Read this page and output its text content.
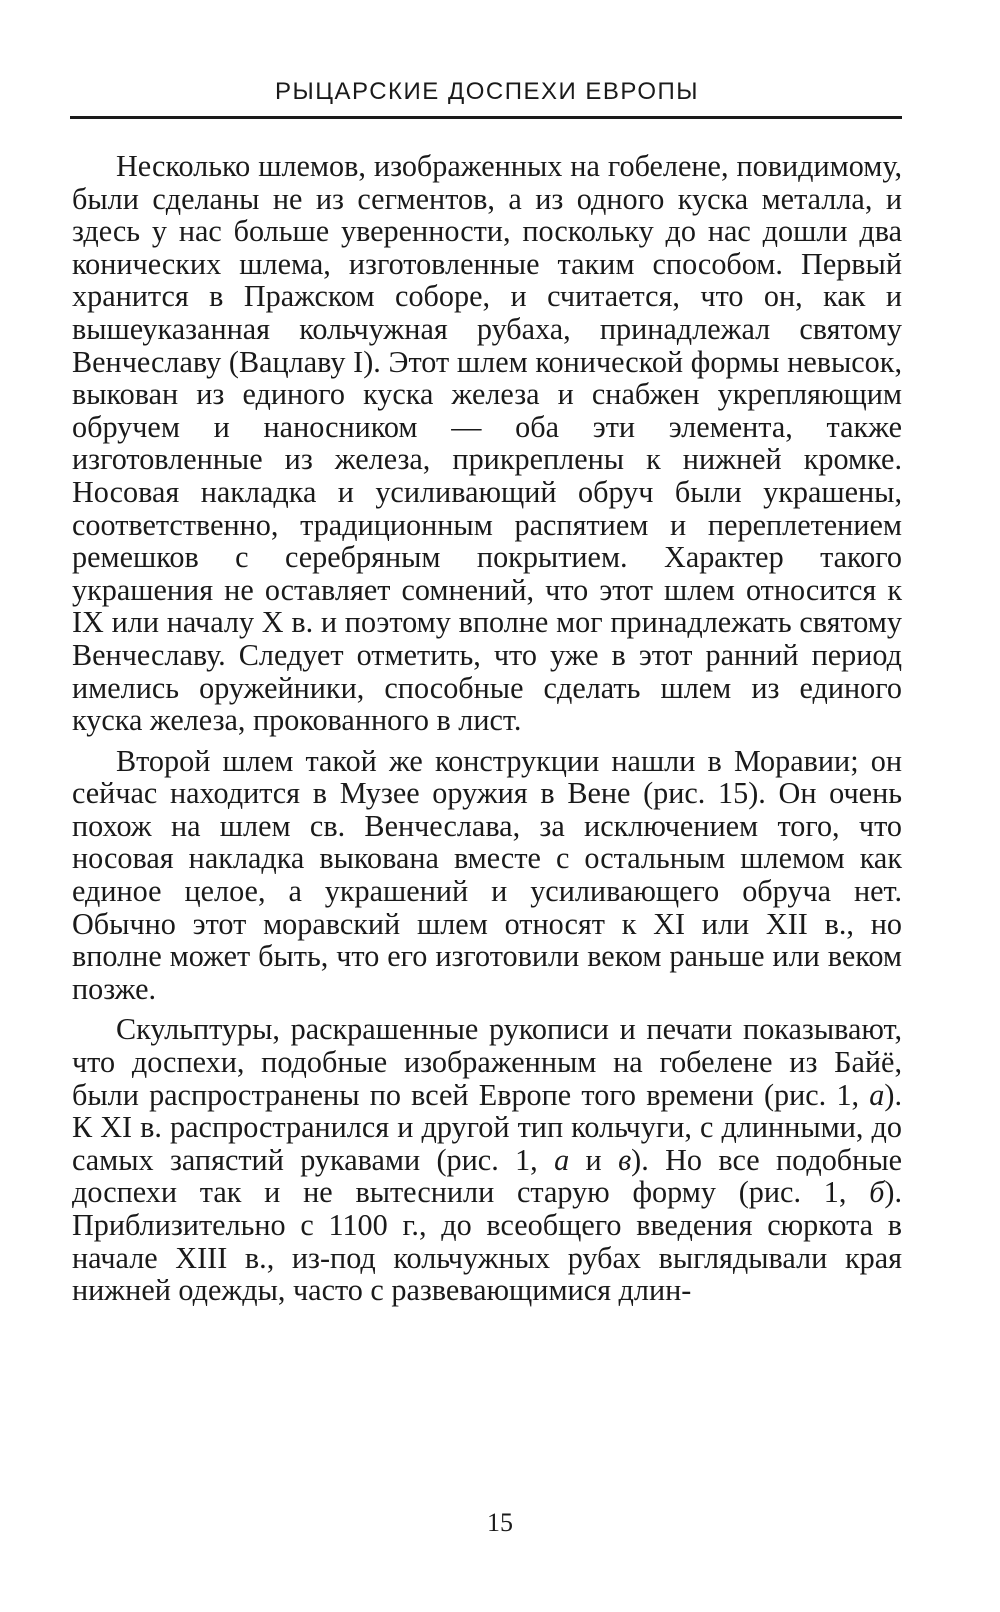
РЫЦАРСКИЕ ДОСПЕХИ ЕВРОПЫ

Несколько шлемов, изображенных на гобелене, повидимому, были сделаны не из сегментов, а из одного куска металла, и здесь у нас больше уверенности, поскольку до нас дошли два конических шлема, изготовленные таким способом. Первый хранится в Пражском соборе, и считается, что он, как и вышеуказанная кольчужная рубаха, принадлежал святому Венчеславу (Вацлаву I). Этот шлем конической формы невысок, выкован из единого куска железа и снабжен укрепляющим обручем и наносником — оба эти элемента, также изготовленные из железа, прикреплены к нижней кромке. Носовая накладка и усиливающий обруч были украшены, соответственно, традиционным распятием и переплетением ремешков с серебряным покрытием. Характер такого украшения не оставляет сомнений, что этот шлем относится к IX или началу X в. и поэтому вполне мог принадлежать святому Венчеславу. Следует отметить, что уже в этот ранний период имелись оружейники, способные сделать шлем из единого куска железа, прокованного в лист.

Второй шлем такой же конструкции нашли в Моравии; он сейчас находится в Музее оружия в Вене (рис. 15). Он очень похож на шлем св. Венчеслава, за исключением того, что носовая накладка выкована вместе с остальным шлемом как единое целое, а украшений и усиливающего обруча нет. Обычно этот моравский шлем относят к XI или XII в., но вполне может быть, что его изготовили веком раньше или веком позже.

Скульптуры, раскрашенные рукописи и печати показывают, что доспехи, подобные изображенным на гобелене из Байё, были распространены по всей Европе того времени (рис. 1, а). К XI в. распространился и другой тип кольчуги, с длинными, до самых запястий рукавами (рис. 1, а и в). Но все подобные доспехи так и не вытеснили старую форму (рис. 1, б). Приблизительно с 1100 г., до всеобщего введения сюркота в начале XIII в., из-под кольчужных рубах выглядывали края нижней одежды, часто с развевающимися длин-

15
